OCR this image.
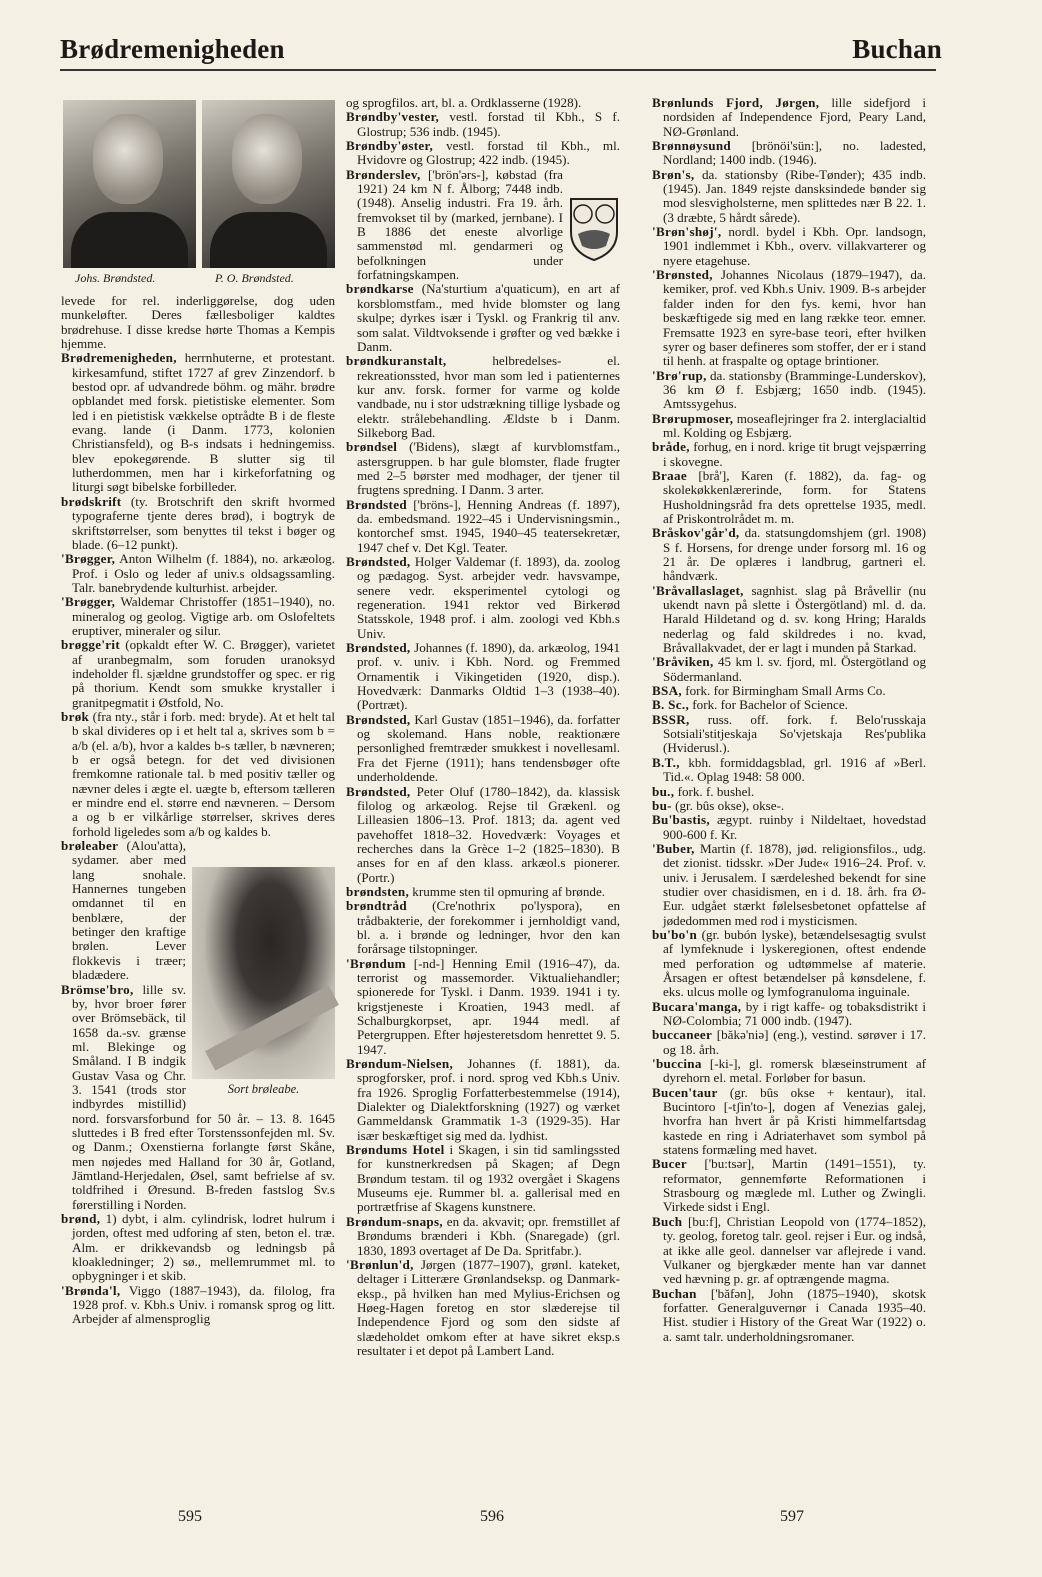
Brødremenigheden	Buchan
Johs. Brøndsted.	P. O. Brøndsted.

levede for rel. inderliggørelse, dog uden munkeløfter. Deres fællesboliger kaldtes brødrehuse. I disse kredse hørte Thomas a Kempis hjemme.

Brødremenigheden, herrnhuterne, et protestant. kirkesamfund, stiftet 1727 af grev Zinzendorf. b bestod opr. af udvandrede böhm. og mähr. brødre opblandet med forsk. pietistiske elementer. Som led i en pietistisk vækkelse optrådte B i de fleste evang. lande (i Danm. 1773, kolonien Christiansfeld), og B-s indsats i hedningemiss. blev epokegørende. B slutter sig til lutherdommen, men har i kirkeforfatning og liturgi søgt bibelske forbilleder.

brødskrift (ty. Brotschrift den skrift hvormed typograferne tjente deres brød), i bogtryk de skriftstørrelser, som benyttes til tekst i bøger og blade. (6–12 punkt).

'Brøgger, Anton Wilhelm (f. 1884), no. arkæolog. Prof. i Oslo og leder af univ.s oldsagssamling. Talr. banebrydende kulturhist. arbejder.

'Brøgger, Waldemar Christoffer (1851–1940), no. mineralog og geolog. Vigtige arb. om Oslofeltets eruptiver, mineraler og silur.

brøgge'rit (opkaldt efter W. C. Brøgger), varietet af uranbegmalm, som foruden uranoksyd indeholder fl. sjældne grundstoffer og spec. er rig på thorium. Kendt som smukke krystaller i granitpegmatit i Østfold, No.

brøk (fra nty., står i forb. med: bryde). At et helt tal b skal divideres op i et helt tal a, skrives som b = a/b (el. a/b), hvor a kaldes b-s tæller, b nævneren; b er også betegn. for det ved divisionen fremkomne rationale tal. b med positiv tæller og nævner deles i ægte el. uægte b, eftersom tælleren er mindre end el. større end nævneren. – Dersom a og b er vilkårlige størrelser, skrives deres forhold ligeledes som a/b og kaldes b.

Sort brøleabe.
brøleaber (Alou'atta), sydamer. aber med lang snohale. Hannernes tungeben omdannet til en benblære, der betinger den kraftige brølen. Lever flokkevis i træer; bladædere.

Brömse'bro, lille sv. by, hvor broer fører over Brömsebäck, til 1658 da.-sv. grænse ml. Blekinge og Småland. I B indgik Gustav Vasa og Chr. 3. 1541 (trods stor indbyrdes mistillid) nord. forsvarsforbund for 50 år. – 13. 8. 1645 sluttedes i B fred efter Torstenssonfejden ml. Sv. og Danm.; Oxenstierna forlangte først Skåne, men nøjedes med Halland for 30 år, Gotland, Jämtland-Herjedalen, Øsel, samt befrielse af sv. toldfrihed i Øresund. B-freden fastslog Sv.s førerstilling i Norden.

brønd, 1) dybt, i alm. cylindrisk, lodret hulrum i jorden, oftest med udforing af sten, beton el. træ. Alm. er drikkevandsb og ledningsb på kloakledninger; 2) sø., mellemrummet ml. to opbygninger i et skib.

'Brønda'l, Viggo (1887–1943), da. filolog, fra 1928 prof. v. Kbh.s Univ. i romansk sprog og litt. Arbejder af almensproglig

og sprogfilos. art, bl. a. Ordklasserne (1928).

Brøndby'vester, vestl. forstad til Kbh., S f. Glostrup; 536 indb. (1945).

Brøndby'øster, vestl. forstad til Kbh., ml. Hvidovre og Glostrup; 422 indb. (1945).

Brønderslev, ['brön'ərs-], købstad (fra 1921) 24 km N f. Ålborg; 7448 indb. (1948). Anselig industri. Fra 19. årh. fremvokset til by (marked, jernbane). I B 1886 det eneste alvorlige sammenstød ml. gendarmeri og befolkningen under forfatningskampen.

brøndkarse (Na'sturtium a'quaticum), en art af korsblomstfam., med hvide blomster og lang skulpe; dyrkes især i Tyskl. og Frankrig til anv. som salat. Vildtvoksende i grøfter og ved bække i Danm.

brøndkuranstalt, helbredelses- el. rekreationssted, hvor man som led i patienternes kur anv. forsk. former for varme og kolde vandbade, nu i stor udstrækning tillige lysbade og elektr. strålebehandling. Ældste b i Danm. Silkeborg Bad.

brøndsel ('Bidens), slægt af kurvblomstfam., astersgruppen. b har gule blomster, flade frugter med 2–5 børster med modhager, der tjener til frugtens spredning. I Danm. 3 arter.

Brøndsted ['bröns-], Henning Andreas (f. 1897), da. embedsmand. 1922–45 i Undervisningsmin., kontorchef smst. 1945, 1940–45 teatersekretær, 1947 chef v. Det Kgl. Teater.

Brøndsted, Holger Valdemar (f. 1893), da. zoolog og pædagog. Syst. arbejder vedr. havsvampe, senere vedr. eksperimentel cytologi og regeneration. 1941 rektor ved Birkerød Statsskole, 1948 prof. i alm. zoologi ved Kbh.s Univ.

Brøndsted, Johannes (f. 1890), da. arkæolog, 1941 prof. v. univ. i Kbh. Nord. og Fremmed Ornamentik i Vikingetiden (1920, disp.). Hovedværk: Danmarks Oldtid 1–3 (1938–40). (Portræt).

Brøndsted, Karl Gustav (1851–1946), da. forfatter og skolemand. Hans noble, reaktionære personlighed fremtræder smukkest i novellesaml. Fra det Fjerne (1911); hans tendensbøger ofte underholdende.

Brøndsted, Peter Oluf (1780–1842), da. klassisk filolog og arkæolog. Rejse til Grækenl. og Lilleasien 1806–13. Prof. 1813; da. agent ved pavehoffet 1818–32. Hovedværk: Voyages et recherches dans la Grèce 1–2 (1825–1830). B anses for en af den klass. arkæol.s pionerer. (Portr.)

brøndsten, krumme sten til opmuring af brønde.

brøndtråd (Cre'nothrix po'lyspora), en trådbakterie, der forekommer i jernholdigt vand, bl. a. i brønde og ledninger, hvor den kan forårsage tilstopninger.

'Brøndum [-nd-] Henning Emil (1916–47), da. terrorist og massemorder. Viktualiehandler; spionerede for Tyskl. i Danm. 1939. 1941 i ty. krigstjeneste i Kroatien, 1943 medl. af Schalburgkorpset, apr. 1944 medl. af Petergruppen. Efter højesteretsdom henrettet 9. 5. 1947.

Brøndum-Nielsen, Johannes (f. 1881), da. sprogforsker, prof. i nord. sprog ved Kbh.s Univ. fra 1926. Sproglig Forfatterbestemmelse (1914), Dialekter og Dialektforskning (1927) og værket Gammeldansk Grammatik 1-3 (1929-35). Har især beskæftiget sig med da. lydhist.

Brøndums Hotel i Skagen, i sin tid samlingssted for kunstnerkredsen på Skagen; af Degn Brøndum testam. til og 1932 overgået i Skagens Museums eje. Rummer bl. a. gallerisal med en portrætfrise af Skagens kunstnere.

Brøndum-snaps, en da. akvavit; opr. fremstillet af Brøndums brænderi i Kbh. (Snaregade) (grl. 1830, 1893 overtaget af De Da. Spritfabr.).

'Brønlun'd, Jørgen (1877–1907), grønl. kateket, deltager i Litterære Grønlandseksp. og Danmark-eksp., på hvilken han med Mylius-Erichsen og Høeg-Hagen foretog en stor slæderejse til Independence Fjord og som den sidste af slædeholdet omkom efter at have sikret eksp.s resultater i et depot på Lambert Land.

Brønlunds Fjord, Jørgen, lille sidefjord i nordsiden af Independence Fjord, Peary Land, NØ-Grønland.

Brønnøysund [brönöi'sün:], no. ladested, Nordland; 1400 indb. (1946).

Brøn's, da. stationsby (Ribe-Tønder); 435 indb. (1945). Jan. 1849 rejste dansksindede bønder sig mod slesvigholsterne, men splittedes nær B 22. 1. (3 dræbte, 5 hårdt sårede).

'Brøn'shøj', nordl. bydel i Kbh. Opr. landsogn, 1901 indlemmet i Kbh., overv. villakvarterer og nyere etagehuse.

'Brønsted, Johannes Nicolaus (1879–1947), da. kemiker, prof. ved Kbh.s Univ. 1909. B-s arbejder falder inden for den fys. kemi, hvor han beskæftigede sig med en lang række teor. emner. Fremsatte 1923 en syre-base teori, efter hvilken syrer og baser defineres som stoffer, der er i stand til henh. at fraspalte og optage brintioner.

'Brø'rup, da. stationsby (Bramminge-Lunderskov), 36 km Ø f. Esbjærg; 1650 indb. (1945). Amtssygehus.

Brørupmoser, moseaflejringer fra 2. interglacialtid ml. Kolding og Esbjærg.

bråde, forhug, en i nord. krige tit brugt vejspærring i skovegne.

Braae [brå'], Karen (f. 1882), da. fag- og skolekøkkenlærerinde, form. for Statens Husholdningsråd fra dets oprettelse 1935, medl. af Priskontrolrådet m. m.

Bråskov'går'd, da. statsungdomshjem (grl. 1908) S f. Horsens, for drenge under forsorg ml. 16 og 21 år. De oplæres i landbrug, gartneri el. håndværk.

'Bråvallaslaget, sagnhist. slag på Bråvellir (nu ukendt navn på slette i Östergötland) ml. d. da. Harald Hildetand og d. sv. kong Hring; Haralds nederlag og fald skildredes i no. kvad, Bråvallakvadet, der er lagt i munden på Starkad.

'Bråviken, 45 km l. sv. fjord, ml. Östergötland og Södermanland.

BSA, fork. for Birmingham Small Arms Co.

B. Sc., fork. for Bachelor of Science.

BSSR, russ. off. fork. f. Belo'russkaja Sotsiali'stitjeskaja So'vjetskaja Res'publika (Hviderusl.).

B.T., kbh. formiddagsblad, grl. 1916 af »Berl. Tid.«. Oplag 1948: 58 000.

bu., fork. f. bushel.

bu- (gr. bûs okse), okse-.

Bu'bastis, ægypt. ruinby i Nildeltaet, hovedstad 900-600 f. Kr.

'Buber, Martin (f. 1878), jød. religionsfilos., udg. det zionist. tidsskr. »Der Jude« 1916–24. Prof. v. univ. i Jerusalem. I særdeleshed bekendt for sine studier over chasidismen, en i d. 18. årh. fra Ø-Eur. udgået stærkt følelsesbetonet opfattelse af jødedommen med rod i mysticismen.

bu'bo'n (gr. bubón lyske), betændelsesagtig svulst af lymfeknude i lyskeregionen, oftest endende med perforation og udtømmelse af materie. Årsagen er oftest betændelser på kønsdelene, f. eks. ulcus molle og lymfogranuloma inguinale.

Bucara'manga, by i rigt kaffe- og tobaksdistrikt i NØ-Colombia; 71 000 indb. (1947).

buccaneer [băkə'niə] (eng.), vestind. sørøver i 17. og 18. årh.

'buccina [-ki-], gl. romersk blæseinstrument af dyrehorn el. metal. Forløber for basun.

Bucen'taur (gr. bûs okse + kentaur), ital. Bucintoro [-tʃin'to-], dogen af Venezias galej, hvorfra han hvert år på Kristi himmelfartsdag kastede en ring i Adriaterhavet som symbol på statens formæling med havet.

Bucer ['bu:tsər], Martin (1491–1551), ty. reformator, gennemførte Reformationen i Strasbourg og mæglede ml. Luther og Zwingli. Virkede sidst i Engl.

Buch [bu:f], Christian Leopold von (1774–1852), ty. geolog, foretog talr. geol. rejser i Eur. og indså, at ikke alle geol. dannelser var aflejrede i vand. Vulkaner og bjergkæder mente han var dannet ved hævning p. gr. af optrængende magma.

Buchan ['băfən], John (1875–1940), skotsk forfatter. Generalguvernør i Canada 1935–40. Hist. studier i History of the Great War (1922) o. a. samt talr. underholdningsromaner.

595	596	597
